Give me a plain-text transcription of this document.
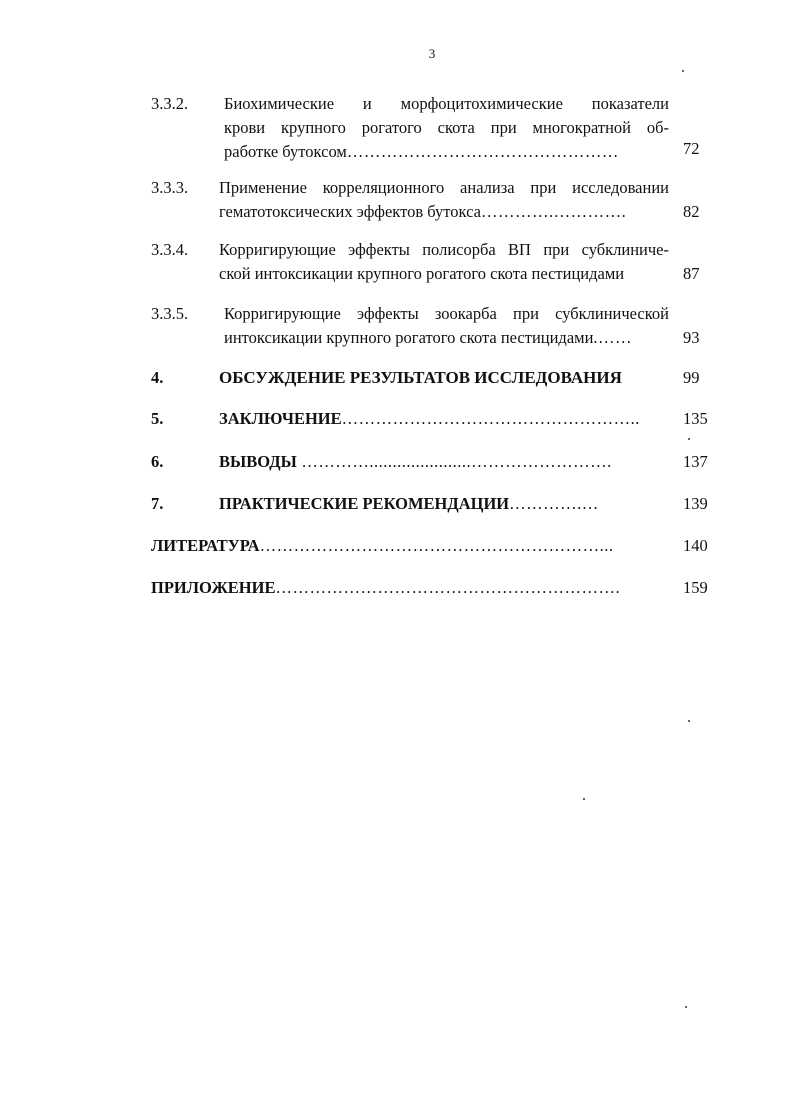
3
3.3.2. Биохимические и морфоцитохимические показатели
крови крупного рогатого скота при многократной об-
работке бутоксом…………………………………………	72
3.3.3. Применение корреляционного анализа при исследовании
гематотоксических эффектов бутокса………….………….	82
3.3.4. Корригирующие эффекты полисорба ВП при субклиниче-
ской интоксикации крупного рогатого скота пестицидами	87
3.3.5. Корригирующие эффекты зоокарба при субклинической
интоксикации крупного рогатого скота пестицидами.……	93
4.	ОБСУЖДЕНИЕ РЕЗУЛЬТАТОВ ИССЛЕДОВАНИЯ	99
5.	ЗАКЛЮЧЕНИЕ……………………………………………..	135
6.	ВЫВОДЫ …………......................…………………….	137
7.	ПРАКТИЧЕСКИЕ РЕКОМЕНДАЦИИ………….…	139
ЛИТЕРАТУРА……………………………………………………...	140
ПРИЛОЖЕНИЕ…………………………………………………….	159
